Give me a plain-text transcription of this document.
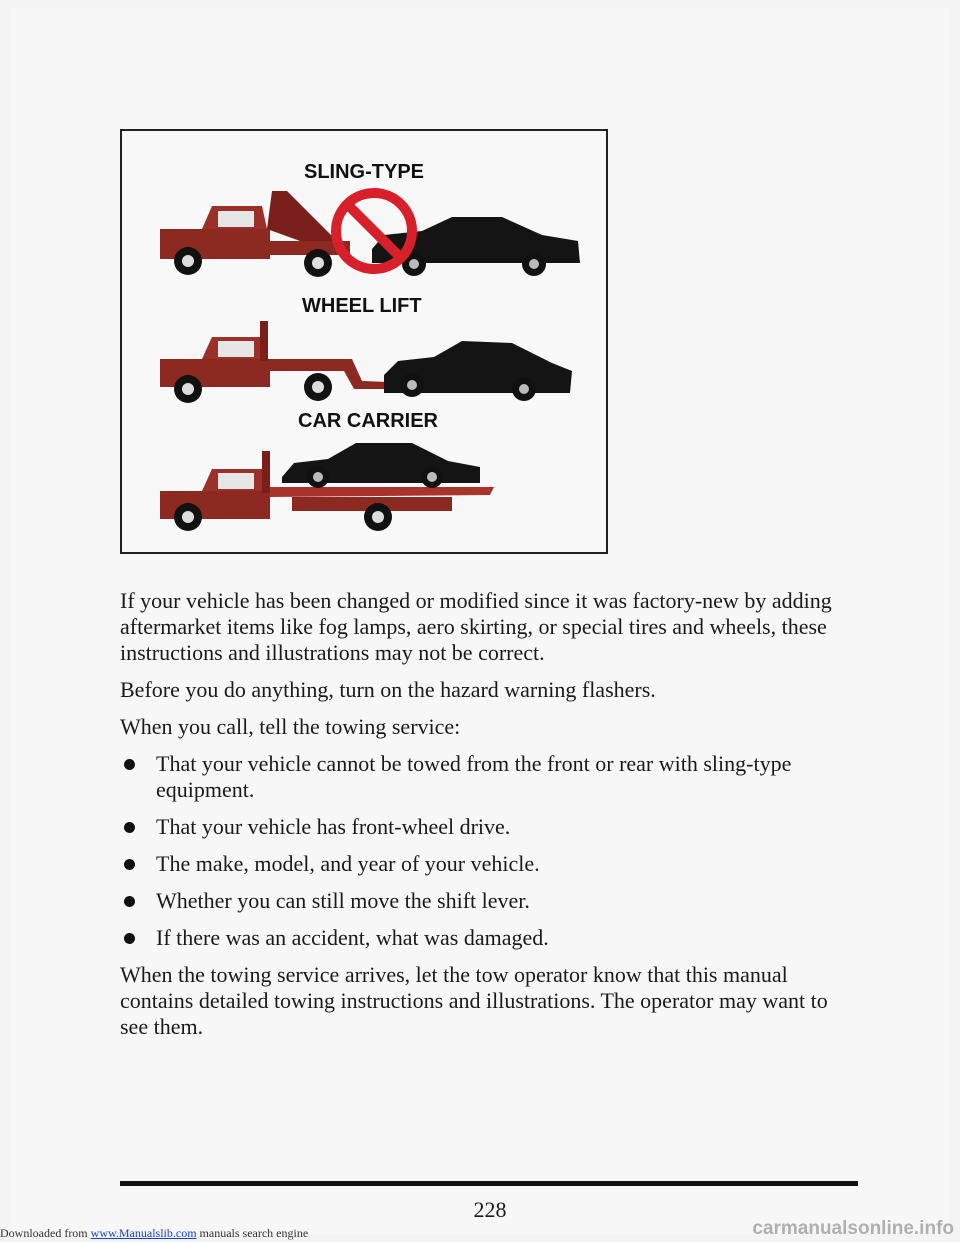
SLING-TYPE
WHEEL LIFT
CAR CARRIER

If your vehicle has been changed or modified since it was factory-new by adding aftermarket items like fog lamps, aero skirting, or special tires and wheels, these instructions and illustrations may not be correct.

Before you do anything, turn on the hazard warning flashers.

When you call, tell the towing service:

That your vehicle cannot be towed from the front or rear with sling-type equipment.
That your vehicle has front-wheel drive.
The make, model, and year of your vehicle.
Whether you can still move the shift lever.
If there was an accident, what was damaged.

When the towing service arrives, let the tow operator know that this manual contains detailed towing instructions and illustrations. The operator may want to see them.

228
Downloaded from www.Manualslib.com manuals search engine	carmanualsonline.info
